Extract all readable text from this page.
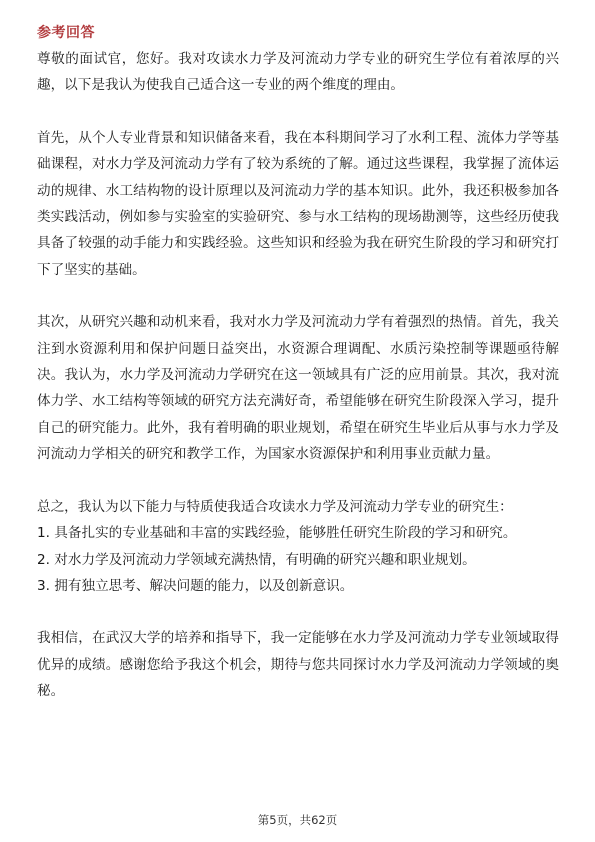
参考回答

尊敬的面试官，您好。我对攻读水力学及河流动力学专业的研究生学位有着浓厚的兴趣，以下是我认为使我自己适合这一专业的两个维度的理由。

首先，从个人专业背景和知识储备来看，我在本科期间学习了水利工程、流体力学等基础课程，对水力学及河流动力学有了较为系统的了解。通过这些课程，我掌握了流体运动的规律、水工结构物的设计原理以及河流动力学的基本知识。此外，我还积极参加各类实践活动，例如参与实验室的实验研究、参与水工结构的现场勘测等，这些经历使我具备了较强的动手能力和实践经验。这些知识和经验为我在研究生阶段的学习和研究打下了坚实的基础。

其次，从研究兴趣和动机来看，我对水力学及河流动力学有着强烈的热情。首先，我关注到水资源利用和保护问题日益突出，水资源合理调配、水质污染控制等课题亟待解决。我认为，水力学及河流动力学研究在这一领域具有广泛的应用前景。其次，我对流体力学、水工结构等领域的研究方法充满好奇，希望能够在研究生阶段深入学习，提升自己的研究能力。此外，我有着明确的职业规划，希望在研究生毕业后从事与水力学及河流动力学相关的研究和教学工作，为国家水资源保护和利用事业贡献力量。

总之，我认为以下能力与特质使我适合攻读水力学及河流动力学专业的研究生：

1. 具备扎实的专业基础和丰富的实践经验，能够胜任研究生阶段的学习和研究。

2. 对水力学及河流动力学领域充满热情，有明确的研究兴趣和职业规划。

3. 拥有独立思考、解决问题的能力，以及创新意识。

我相信，在武汉大学的培养和指导下，我一定能够在水力学及河流动力学专业领域取得优异的成绩。感谢您给予我这个机会，期待与您共同探讨水力学及河流动力学领域的奥秘。

第5页，共62页
